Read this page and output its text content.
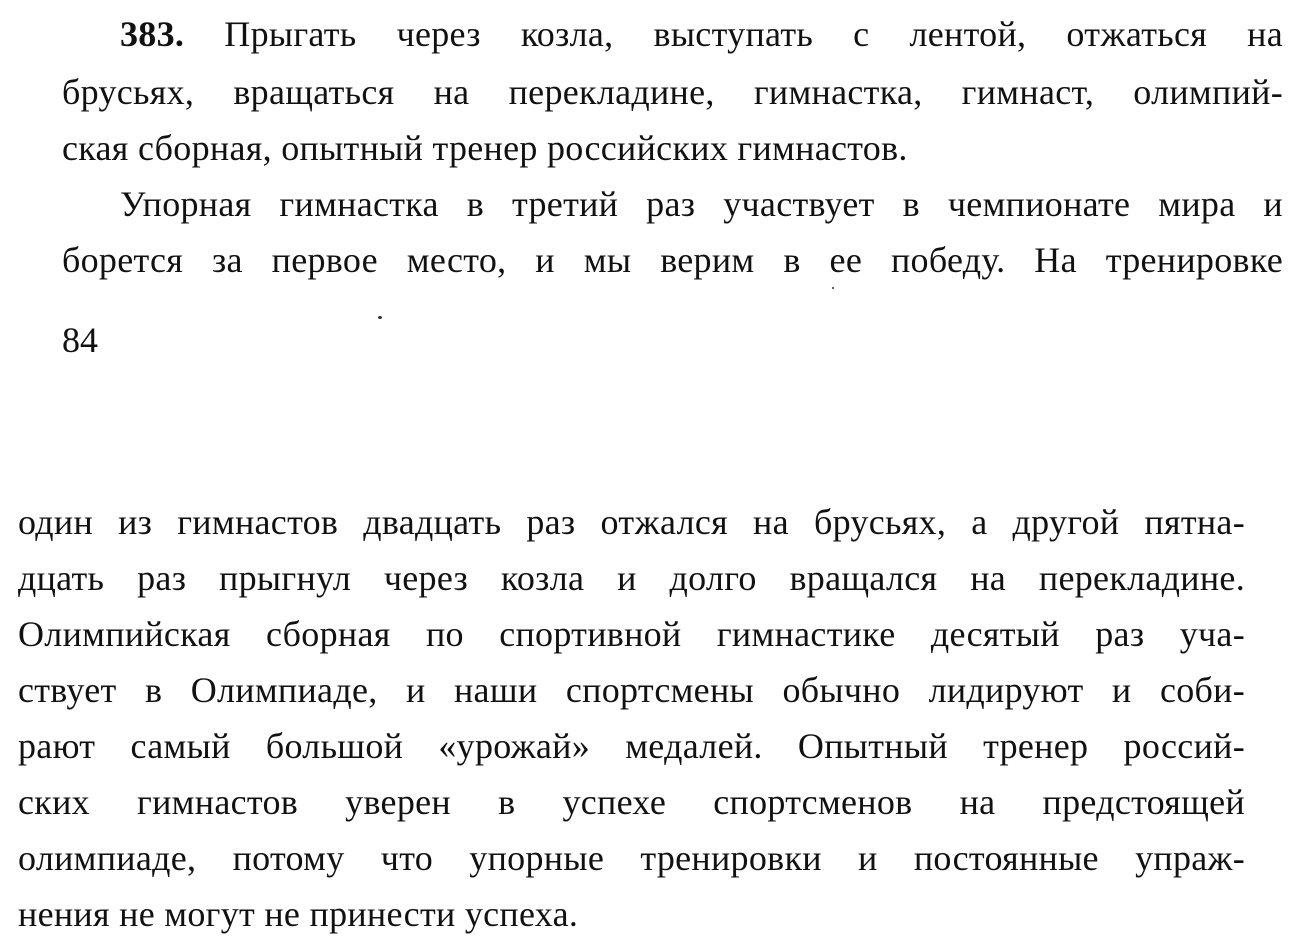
383. Прыгать через козла, выступать с лентой, отжаться на
брусьях, вращаться на перекладине, гимнастка, гимнаст, олимпий-
ская сборная, опытный тренер российских гимнастов.
Упорная гимнастка в третий раз участвует в чемпионате мира и
борется за первое место, и мы верим в ее победу. На тренировке
84
один из гимнастов двадцать раз отжался на брусьях, а другой пятна-
дцать раз прыгнул через козла и долго вращался на перекладине.
Олимпийская сборная по спортивной гимнастике десятый раз уча-
ствует в Олимпиаде, и наши спортсмены обычно лидируют и соби-
рают самый большой «урожай» медалей. Опытный тренер россий-
ских гимнастов уверен в успехе спортсменов на предстоящей
олимпиаде, потому что упорные тренировки и постоянные упраж-
нения не могут не принести успеха.
